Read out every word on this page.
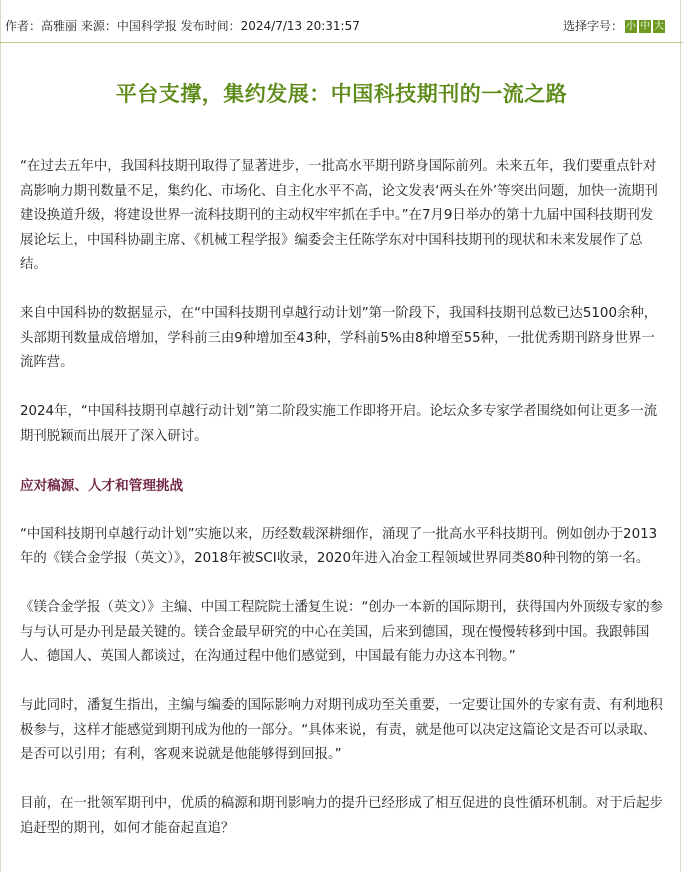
作者：高雅丽 来源：中国科学报 发布时间：2024/7/13 20:31:57	选择字号： 小 中 大
平台支撑，集约发展：中国科技期刊的一流之路

“在过去五年中，我国科技期刊取得了显著进步，一批高水平期刊跻身国际前列。未来五年，我们要重点针对高影响力期刊数量不足，集约化、市场化、自主化水平不高，论文发表‘两头在外’等突出问题，加快一流期刊建设换道升级，将建设世界一流科技期刊的主动权牢牢抓在手中。”在7月9日举办的第十九届中国科技期刊发展论坛上，中国科协副主席、《机械工程学报》编委会主任陈学东对中国科技期刊的现状和未来发展作了总结。

来自中国科协的数据显示，在“中国科技期刊卓越行动计划”第一阶段下，我国科技期刊总数已达5100余种，头部期刊数量成倍增加，学科前三由9种增加至43种，学科前5%由8种增至55种，一批优秀期刊跻身世界一流阵营。

2024年，“中国科技期刊卓越行动计划”第二阶段实施工作即将开启。论坛众多专家学者围绕如何让更多一流期刊脱颖而出展开了深入研讨。

应对稿源、人才和管理挑战

“中国科技期刊卓越行动计划”实施以来，历经数载深耕细作，涌现了一批高水平科技期刊。例如创办于2013年的《镁合金学报（英文）》，2018年被SCI收录，2020年进入冶金工程领域世界同类80种刊物的第一名。

《镁合金学报（英文）》主编、中国工程院院士潘复生说：“创办一本新的国际期刊，获得国内外顶级专家的参与与认可是办刊是最关键的。镁合金最早研究的中心在美国，后来到德国，现在慢慢转移到中国。我跟韩国人、德国人、英国人都谈过，在沟通过程中他们感觉到，中国最有能力办这本刊物。”

与此同时，潘复生指出，主编与编委的国际影响力对期刊成功至关重要，一定要让国外的专家有责、有利地积极参与，这样才能感觉到期刊成为他的一部分。“具体来说，有责，就是他可以决定这篇论文是否可以录取、是否可以引用；有利，客观来说就是他能够得到回报。”

目前，在一批领军期刊中，优质的稿源和期刊影响力的提升已经形成了相互促进的良性循环机制。对于后起步追赶型的期刊，如何才能奋起直追？
